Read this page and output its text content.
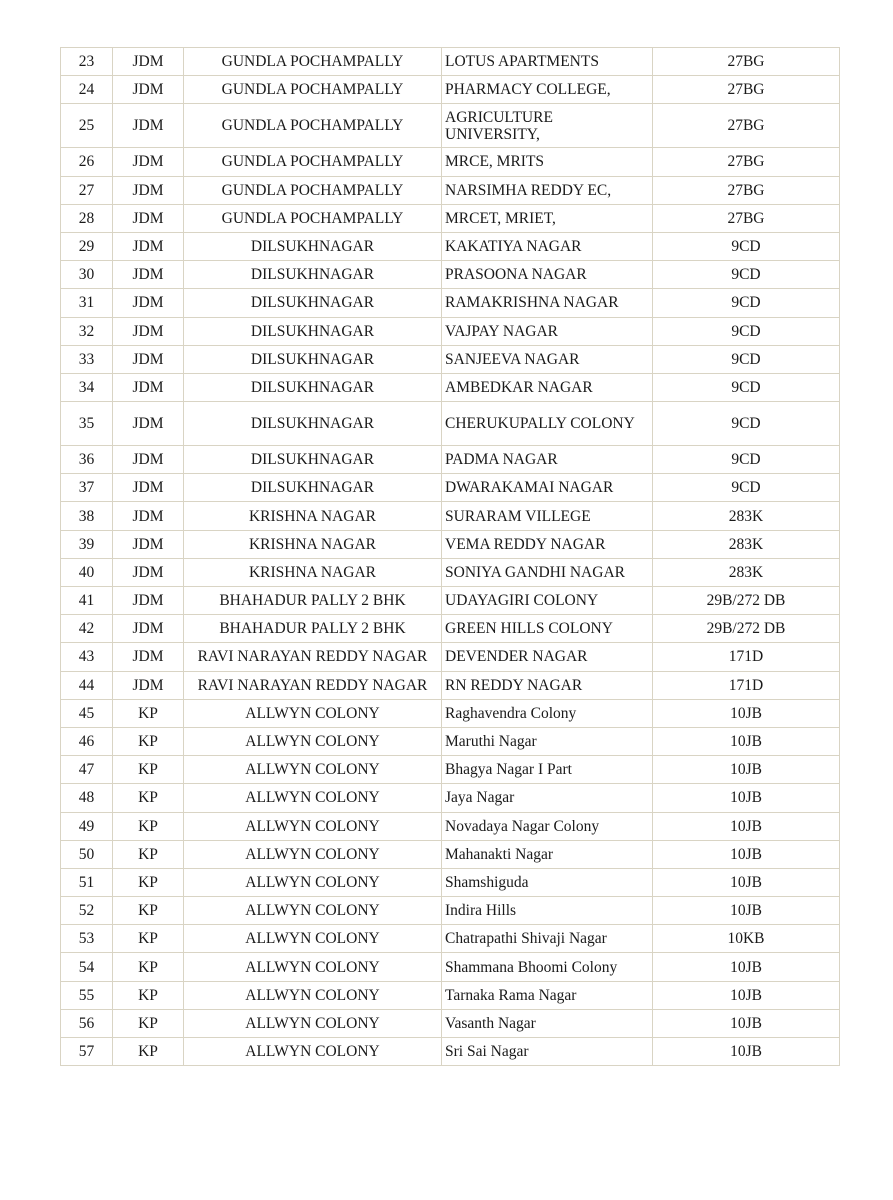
23	JDM	GUNDLA POCHAMPALLY	LOTUS APARTMENTS	27BG
24	JDM	GUNDLA POCHAMPALLY	PHARMACY COLLEGE,	27BG
25	JDM	GUNDLA POCHAMPALLY	AGRICULTURE UNIVERSITY,	27BG
26	JDM	GUNDLA POCHAMPALLY	MRCE, MRITS	27BG
27	JDM	GUNDLA POCHAMPALLY	NARSIMHA REDDY EC,	27BG
28	JDM	GUNDLA POCHAMPALLY	MRCET, MRIET,	27BG
29	JDM	DILSUKHNAGAR	KAKATIYA NAGAR	9CD
30	JDM	DILSUKHNAGAR	PRASOONA NAGAR	9CD
31	JDM	DILSUKHNAGAR	RAMAKRISHNA NAGAR	9CD
32	JDM	DILSUKHNAGAR	VAJPAY NAGAR	9CD
33	JDM	DILSUKHNAGAR	SANJEEVA NAGAR	9CD
34	JDM	DILSUKHNAGAR	AMBEDKAR NAGAR	9CD
35	JDM	DILSUKHNAGAR	CHERUKUPALLY COLONY	9CD
36	JDM	DILSUKHNAGAR	PADMA NAGAR	9CD
37	JDM	DILSUKHNAGAR	DWARAKAMAI NAGAR	9CD
38	JDM	KRISHNA NAGAR	SURARAM VILLEGE	283K
39	JDM	KRISHNA NAGAR	VEMA REDDY NAGAR	283K
40	JDM	KRISHNA NAGAR	SONIYA GANDHI NAGAR	283K
41	JDM	BHAHADUR PALLY 2 BHK	UDAYAGIRI COLONY	29B/272 DB
42	JDM	BHAHADUR PALLY 2 BHK	GREEN HILLS COLONY	29B/272 DB
43	JDM	RAVI NARAYAN REDDY NAGAR	DEVENDER NAGAR	171D
44	JDM	RAVI NARAYAN REDDY NAGAR	RN REDDY NAGAR	171D
45	KP	ALLWYN COLONY	Raghavendra Colony	10JB
46	KP	ALLWYN COLONY	Maruthi Nagar	10JB
47	KP	ALLWYN COLONY	Bhagya Nagar I Part	10JB
48	KP	ALLWYN COLONY	Jaya Nagar	10JB
49	KP	ALLWYN COLONY	Novadaya Nagar Colony	10JB
50	KP	ALLWYN COLONY	Mahanakti Nagar	10JB
51	KP	ALLWYN COLONY	Shamshiguda	10JB
52	KP	ALLWYN COLONY	Indira Hills	10JB
53	KP	ALLWYN COLONY	Chatrapathi Shivaji Nagar	10KB
54	KP	ALLWYN COLONY	Shammana Bhoomi Colony	10JB
55	KP	ALLWYN COLONY	Tarnaka Rama Nagar	10JB
56	KP	ALLWYN COLONY	Vasanth Nagar	10JB
57	KP	ALLWYN COLONY	Sri Sai Nagar	10JB
